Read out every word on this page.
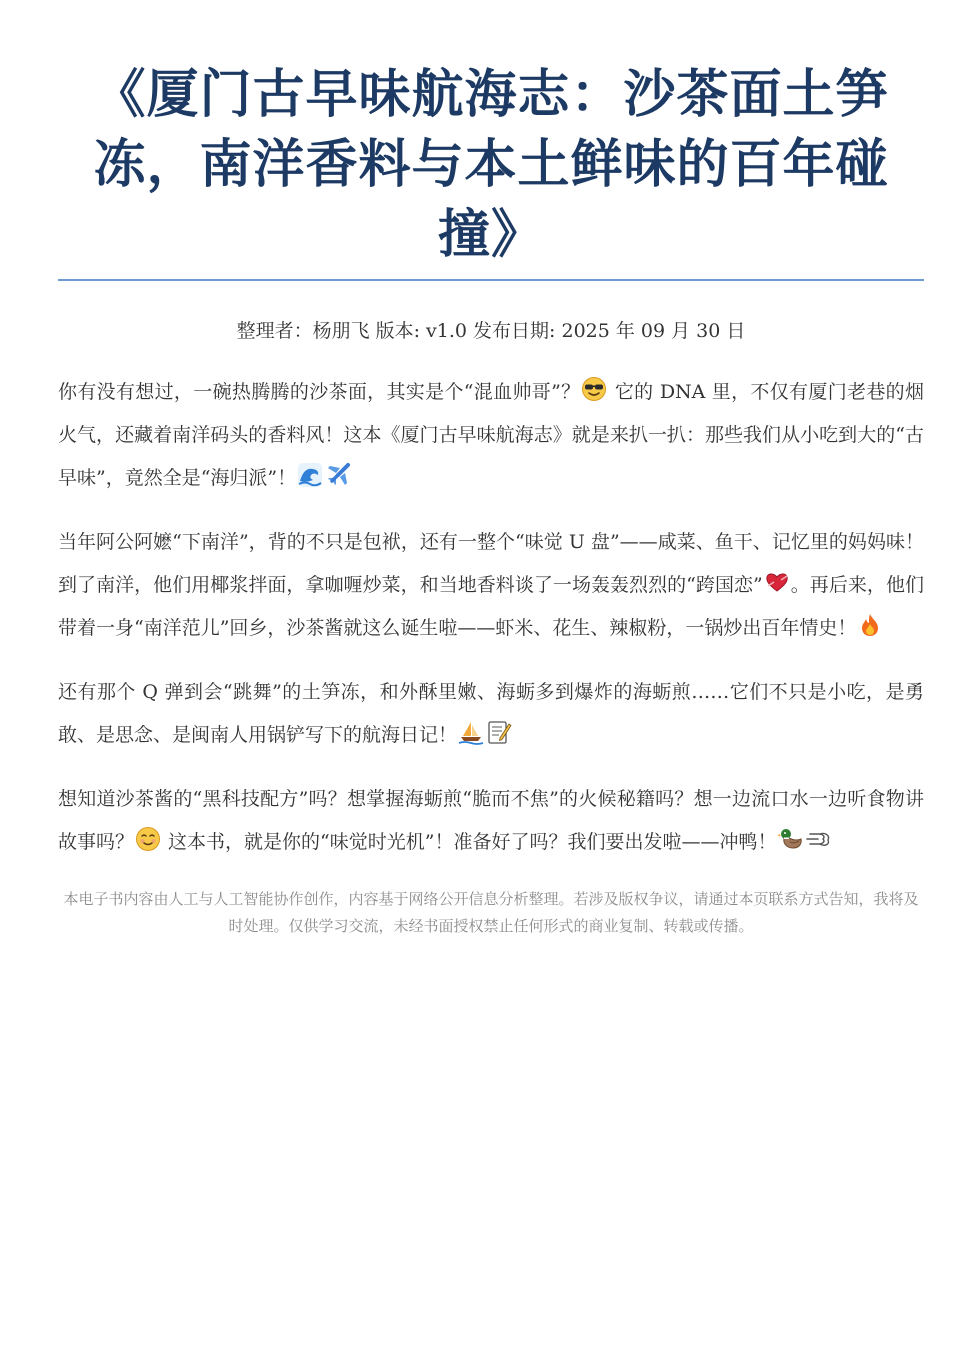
《厦门古早味航海志：沙茶面土笋冻，南洋香料与本土鲜味的百年碰撞》
整理者：杨朋飞 版本: v1.0 发布日期: 2025 年 09 月 30 日

你有没有想过，一碗热腾腾的沙茶面，其实是个“混血帅哥”？
它的 DNA 里，不仅有厦门老巷的烟火气，还藏着南洋码头的香料风！这本《厦门古早味航海志》就是来扒一扒：那些我们从小吃到大的“古早味”，竟然全是“海归派”！

当年阿公阿嬷“下南洋”，背的不只是包袱，还有一整个“味觉 U 盘”——咸菜、鱼干、记忆里的妈妈味！到了南洋，他们用椰浆拌面，拿咖喱炒菜，和当地香料谈了一场轰轰烈烈的“跨国恋” 。再后来，他们带着一身“南洋范儿”回乡，沙茶酱就这么诞生啦——虾米、花生、辣椒粉，一锅炒出百年情史！

还有那个 Q 弹到会“跳舞”的土笋冻，和外酥里嫩、海蛎多到爆炸的海蛎煎……它们不只是小吃，是勇敢、是思念、是闽南人用锅铲写下的航海日记！

想知道沙茶酱的“黑科技配方”吗？想掌握海蛎煎“脆而不焦”的火候秘籍吗？想一边流口水一边听食物讲故事吗？
这本书，就是你的“味觉时光机”！准备好了吗？我们要出发啦——冲鸭！

本电子书内容由人工与人工智能协作创作，内容基于网络公开信息分析整理。若涉及版权争议，请通过本页联系方式告知，我将及时处理。仅供学习交流，未经书面授权禁止任何形式的商业复制、转载或传播。
